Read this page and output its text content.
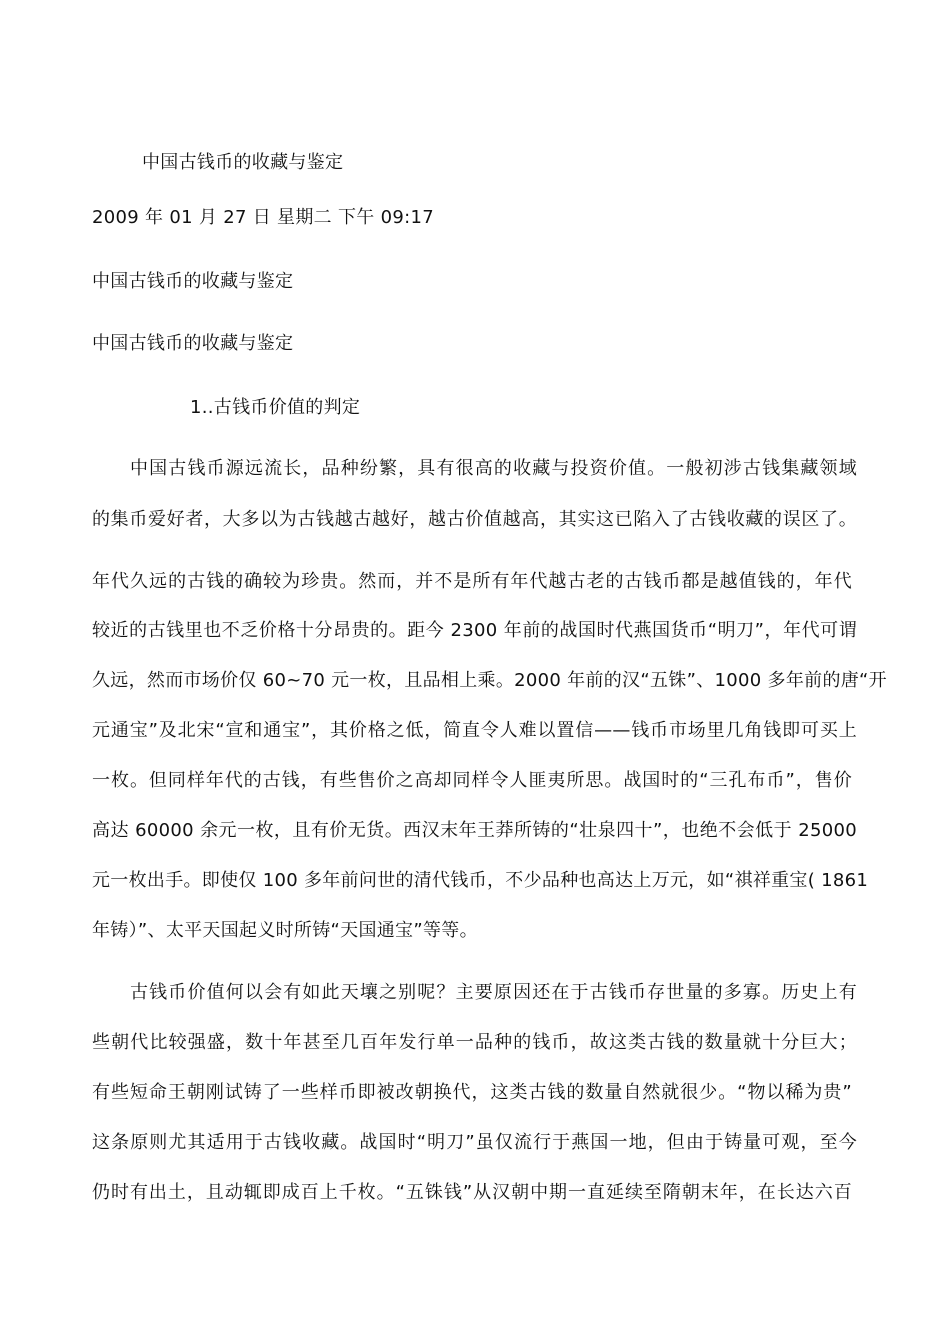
中国古钱币的收藏与鉴定
2009 年 01 月 27 日 星期二 下午 09:17
中国古钱币的收藏与鉴定
中国古钱币的收藏与鉴定
1..古钱币价值的判定
中国古钱币源远流长，品种纷繁，具有很高的收藏与投资价值。一般初涉古钱集藏领域
的集币爱好者，大多以为古钱越古越好，越古价值越高，其实这已陷入了古钱收藏的误区了。
年代久远的古钱的确较为珍贵。然而，并不是所有年代越古老的古钱币都是越值钱的，年代
较近的古钱里也不乏价格十分昂贵的。距今 2300 年前的战国时代燕国货币“明刀”，年代可谓
久远，然而市场价仅 60~70 元一枚，且品相上乘。2000 年前的汉“五铢”、1000 多年前的唐“开
元通宝”及北宋“宣和通宝”，其价格之低，简直令人难以置信——钱币市场里几角钱即可买上
一枚。但同样年代的古钱，有些售价之高却同样令人匪夷所思。战国时的“三孔布币”，售价
高达 60000 余元一枚，且有价无货。西汉末年王莽所铸的“壮泉四十”，也绝不会低于 25000
元一枚出手。即使仅 100 多年前问世的清代钱币，不少品种也高达上万元，如“祺祥重宝( 1861
年铸）”、太平天国起义时所铸“天国通宝”等等。
古钱币价值何以会有如此天壤之别呢？主要原因还在于古钱币存世量的多寡。历史上有
些朝代比较强盛，数十年甚至几百年发行单一品种的钱币，故这类古钱的数量就十分巨大；
有些短命王朝刚试铸了一些样币即被改朝换代，这类古钱的数量自然就很少。“物以稀为贵”
这条原则尤其适用于古钱收藏。战国时“明刀”虽仅流行于燕国一地，但由于铸量可观，至今
仍时有出土，且动辄即成百上千枚。“五铢钱”从汉朝中期一直延续至隋朝末年，在长达六百
